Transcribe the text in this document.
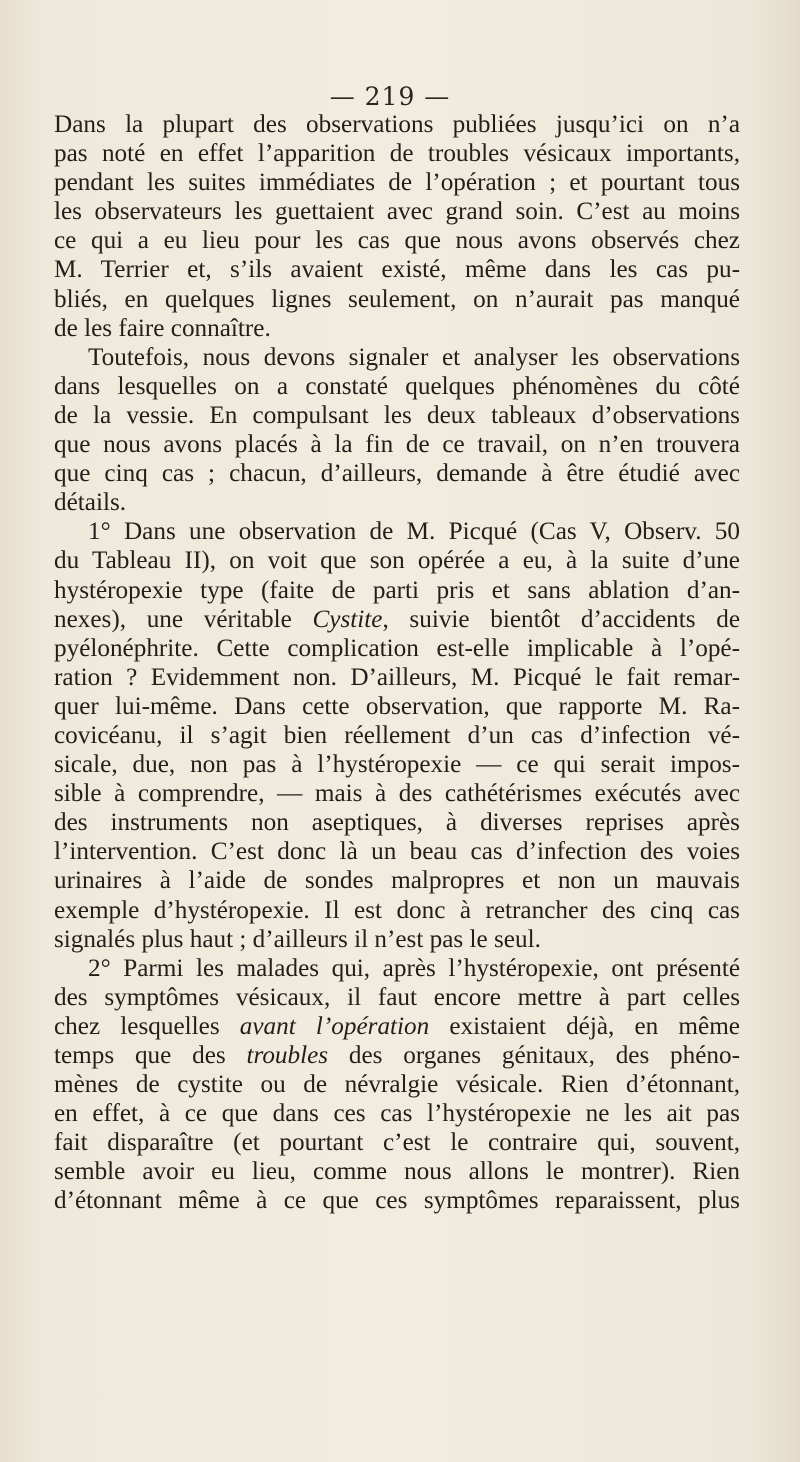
— 219 —
Dans la plupart des observations publiées jusqu’ici on n’a
pas noté en effet l’apparition de troubles vésicaux importants,
pendant les suites immédiates de l’opération ; et pourtant tous
les observateurs les guettaient avec grand soin. C’est au moins
ce qui a eu lieu pour les cas que nous avons observés chez
M. Terrier et, s’ils avaient existé, même dans les cas pu-
bliés, en quelques lignes seulement, on n’aurait pas manqué
de les faire connaître.
Toutefois, nous devons signaler et analyser les observations
dans lesquelles on a constaté quelques phénomènes du côté
de la vessie. En compulsant les deux tableaux d’observations
que nous avons placés à la fin de ce travail, on n’en trouvera
que cinq cas ; chacun, d’ailleurs, demande à être étudié avec
détails.
1° Dans une observation de M. Picqué (Cas V, Observ. 50
du Tableau II), on voit que son opérée a eu, à la suite d’une
hystéropexie type (faite de parti pris et sans ablation d’an-
nexes), une véritable Cystite, suivie bientôt d’accidents de
pyélonéphrite. Cette complication est-elle implicable à l’opé-
ration ? Evidemment non. D’ailleurs, M. Picqué le fait remar-
quer lui-même. Dans cette observation, que rapporte M. Ra-
covicéanu, il s’agit bien réellement d’un cas d’infection vé-
sicale, due, non pas à l’hystéropexie — ce qui serait impos-
sible à comprendre, — mais à des cathétérismes exécutés avec
des instruments non aseptiques, à diverses reprises après
l’intervention. C’est donc là un beau cas d’infection des voies
urinaires à l’aide de sondes malpropres et non un mauvais
exemple d’hystéropexie. Il est donc à retrancher des cinq cas
signalés plus haut ; d’ailleurs il n’est pas le seul.
2° Parmi les malades qui, après l’hystéropexie, ont présenté
des symptômes vésicaux, il faut encore mettre à part celles
chez lesquelles avant l’opération existaient déjà, en même
temps que des troubles des organes génitaux, des phéno-
mènes de cystite ou de névralgie vésicale. Rien d’étonnant,
en effet, à ce que dans ces cas l’hystéropexie ne les ait pas
fait disparaître (et pourtant c’est le contraire qui, souvent,
semble avoir eu lieu, comme nous allons le montrer). Rien
d’étonnant même à ce que ces symptômes reparaissent, plus
